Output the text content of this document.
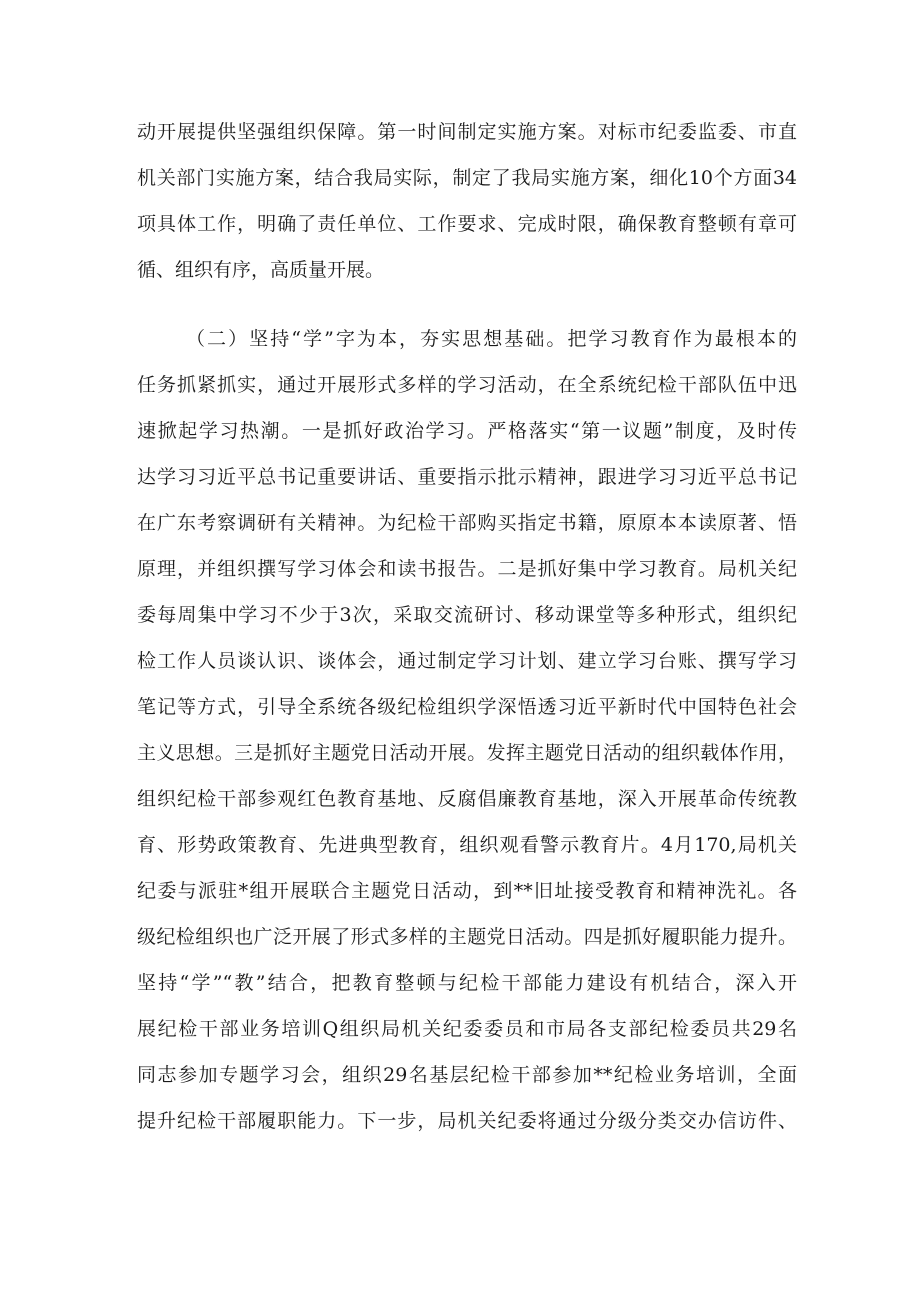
动开展提供坚强组织保障。第一时间制定实施方案。对标市纪委监委、市直
机关部门实施方案，结合我局实际，制定了我局实施方案，细化10个方面34
项具体工作，明确了责任单位、工作要求、完成时限，确保教育整顿有章可
循、组织有序，高质量开展。
（二）坚持“学”字为本，夯实思想基础。把学习教育作为最根本的
任务抓紧抓实，通过开展形式多样的学习活动，在全系统纪检干部队伍中迅
速掀起学习热潮。一是抓好政治学习。严格落实“第一议题”制度，及时传
达学习习近平总书记重要讲话、重要指示批示精神，跟进学习习近平总书记
在广东考察调研有关精神。为纪检干部购买指定书籍，原原本本读原著、悟
原理，并组织撰写学习体会和读书报告。二是抓好集中学习教育。局机关纪
委每周集中学习不少于3次，采取交流研讨、移动课堂等多种形式，组织纪
检工作人员谈认识、谈体会，通过制定学习计划、建立学习台账、撰写学习
笔记等方式，引导全系统各级纪检组织学深悟透习近平新时代中国特色社会
主义思想。三是抓好主题党日活动开展。发挥主题党日活动的组织载体作用，
组织纪检干部参观红色教育基地、反腐倡廉教育基地，深入开展革命传统教
育、形势政策教育、先进典型教育，组织观看警示教育片。4月170,局机关
纪委与派驻*组开展联合主题党日活动，到**旧址接受教育和精神洗礼。各
级纪检组织也广泛开展了形式多样的主题党日活动。四是抓好履职能力提升。
坚持“学”“教”结合，把教育整顿与纪检干部能力建设有机结合，深入开
展纪检干部业务培训Q组织局机关纪委委员和市局各支部纪检委员共29名
同志参加专题学习会，组织29名基层纪检干部参加**纪检业务培训，全面
提升纪检干部履职能力。下一步，局机关纪委将通过分级分类交办信访件、
